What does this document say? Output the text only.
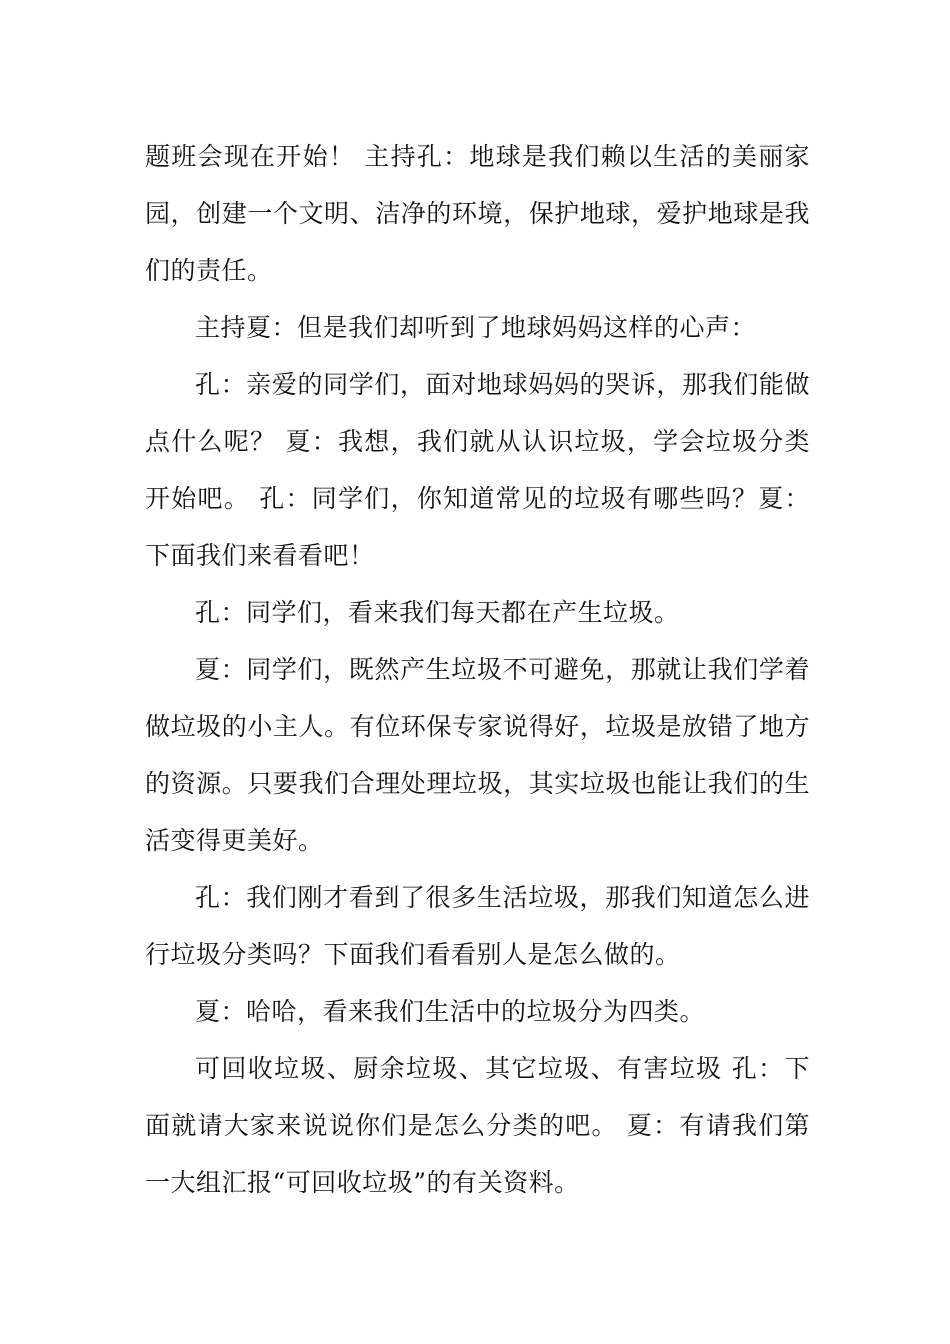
题班会现在开始！ 主持孔：地球是我们赖以生活的美丽家园，创建一个文明、洁净的环境，保护地球，爱护地球是我们的责任。

主持夏：但是我们却听到了地球妈妈这样的心声：

孔：亲爱的同学们，面对地球妈妈的哭诉，那我们能做点什么呢？ 夏：我想，我们就从认识垃圾，学会垃圾分类开始吧。 孔：同学们，你知道常见的垃圾有哪些吗？夏：下面我们来看看吧！

孔：同学们，看来我们每天都在产生垃圾。

夏：同学们，既然产生垃圾不可避免，那就让我们学着做垃圾的小主人。有位环保专家说得好，垃圾是放错了地方的资源。只要我们合理处理垃圾，其实垃圾也能让我们的生活变得更美好。

孔：我们刚才看到了很多生活垃圾，那我们知道怎么进行垃圾分类吗？下面我们看看别人是怎么做的。

夏：哈哈，看来我们生活中的垃圾分为四类。

可回收垃圾、厨余垃圾、其它垃圾、有害垃圾 孔：下面就请大家来说说你们是怎么分类的吧。 夏：有请我们第一大组汇报“可回收垃圾”的有关资料。
